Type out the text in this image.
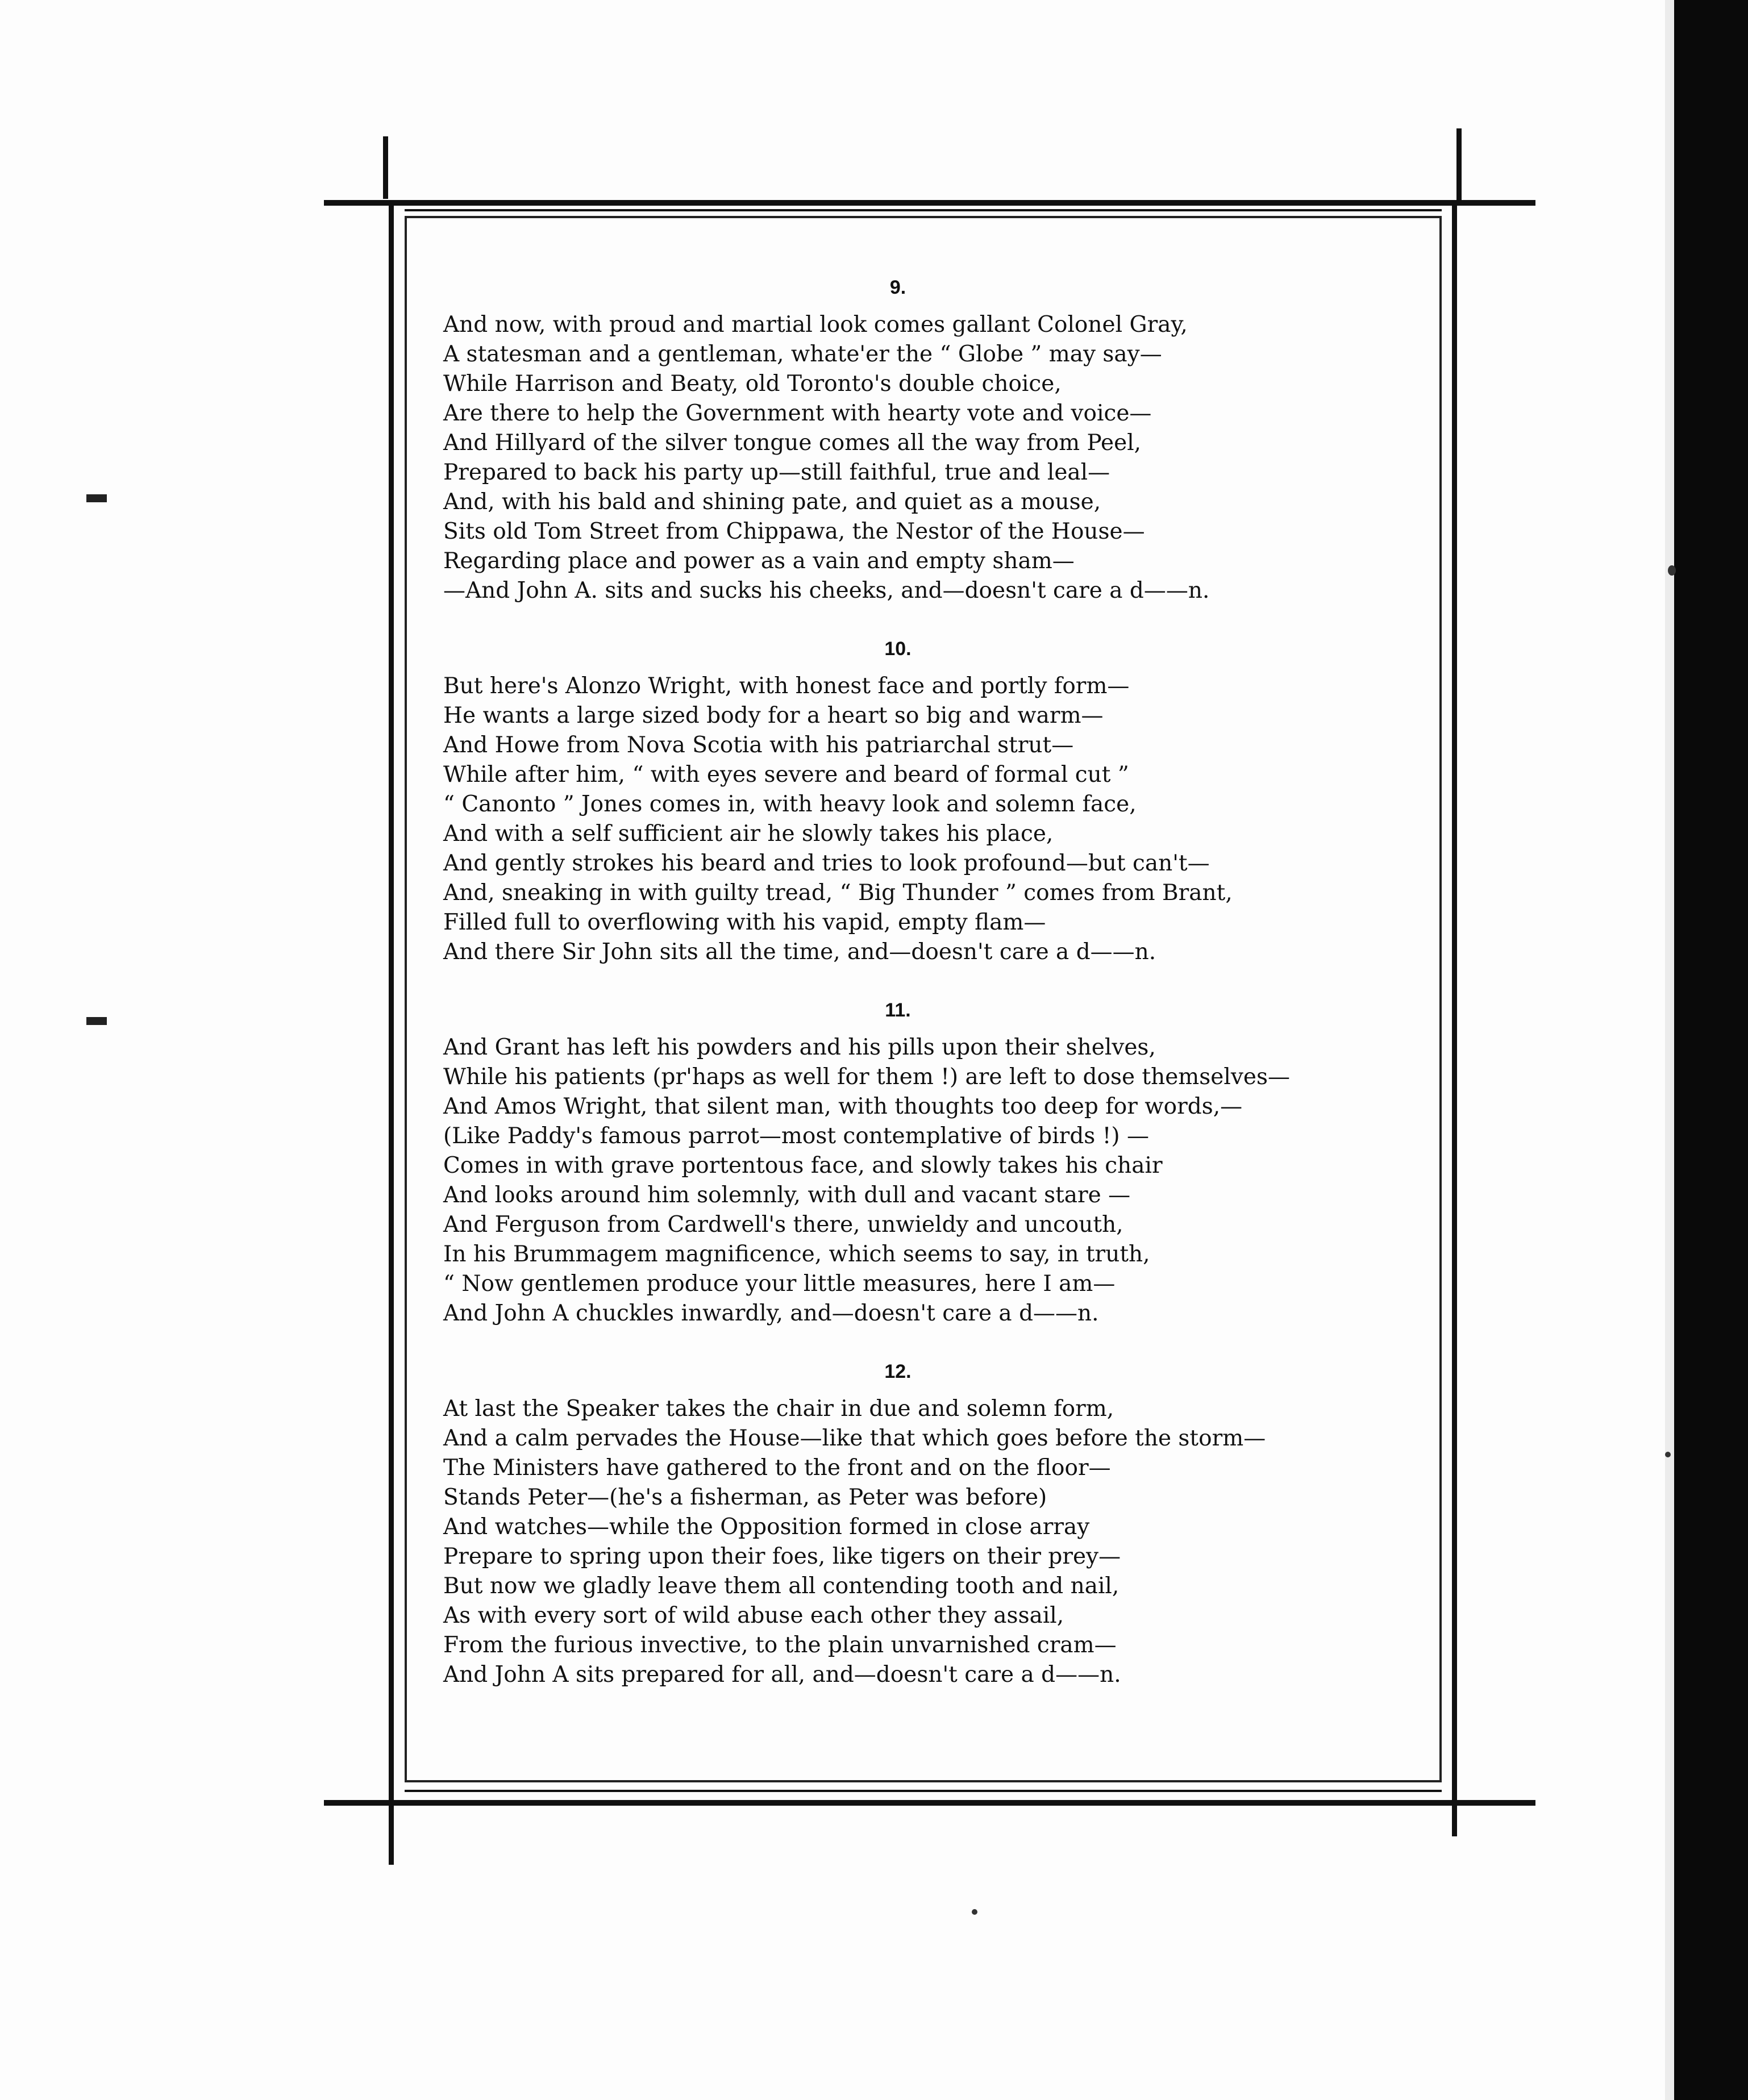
9.
And now, with proud and martial look comes gallant Colonel Gray,
A statesman and a gentleman, whate'er the “ Globe ” may say—
While Harrison and Beaty, old Toronto's double choice,
Are there to help the Government with hearty vote and voice—
And Hillyard of the silver tongue comes all the way from Peel,
Prepared to back his party up—still faithful, true and leal—
And, with his bald and shining pate, and quiet as a mouse,
Sits old Tom Street from Chippawa, the Nestor of the House—
Regarding place and power as a vain and empty sham—
—And John A. sits and sucks his cheeks, and—doesn't care a d——n.
10.
But here's Alonzo Wright, with honest face and portly form—
He wants a large sized body for a heart so big and warm—
And Howe from Nova Scotia with his patriarchal strut—
While after him, “ with eyes severe and beard of formal cut ”
“ Canonto ” Jones comes in, with heavy look and solemn face,
And with a self sufficient air he slowly takes his place,
And gently strokes his beard and tries to look profound—but can't—
And, sneaking in with guilty tread, “ Big Thunder ” comes from Brant,
Filled full to overflowing with his vapid, empty flam—
And there Sir John sits all the time, and—doesn't care a d——n.
11.
And Grant has left his powders and his pills upon their shelves,
While his patients (pr'haps as well for them !) are left to dose themselves—
And Amos Wright, that silent man, with thoughts too deep for words,—
(Like Paddy's famous parrot—most contemplative of birds !) —
Comes in with grave portentous face, and slowly takes his chair
And looks around him solemnly, with dull and vacant stare —
And Ferguson from Cardwell's there, unwieldy and uncouth,
In his Brummagem magnificence, which seems to say, in truth,
“ Now gentlemen produce your little measures, here I am—
And John A chuckles inwardly, and—doesn't care a d——n.
12.
At last the Speaker takes the chair in due and solemn form,
And a calm pervades the House—like that which goes before the storm—
The Ministers have gathered to the front and on the floor—
Stands Peter—(he's a fisherman, as Peter was before)
And watches—while the Opposition formed in close array
Prepare to spring upon their foes, like tigers on their prey—
But now we gladly leave them all contending tooth and nail,
As with every sort of wild abuse each other they assail,
From the furious invective, to the plain unvarnished cram—
And John A sits prepared for all, and—doesn't care a d——n.
